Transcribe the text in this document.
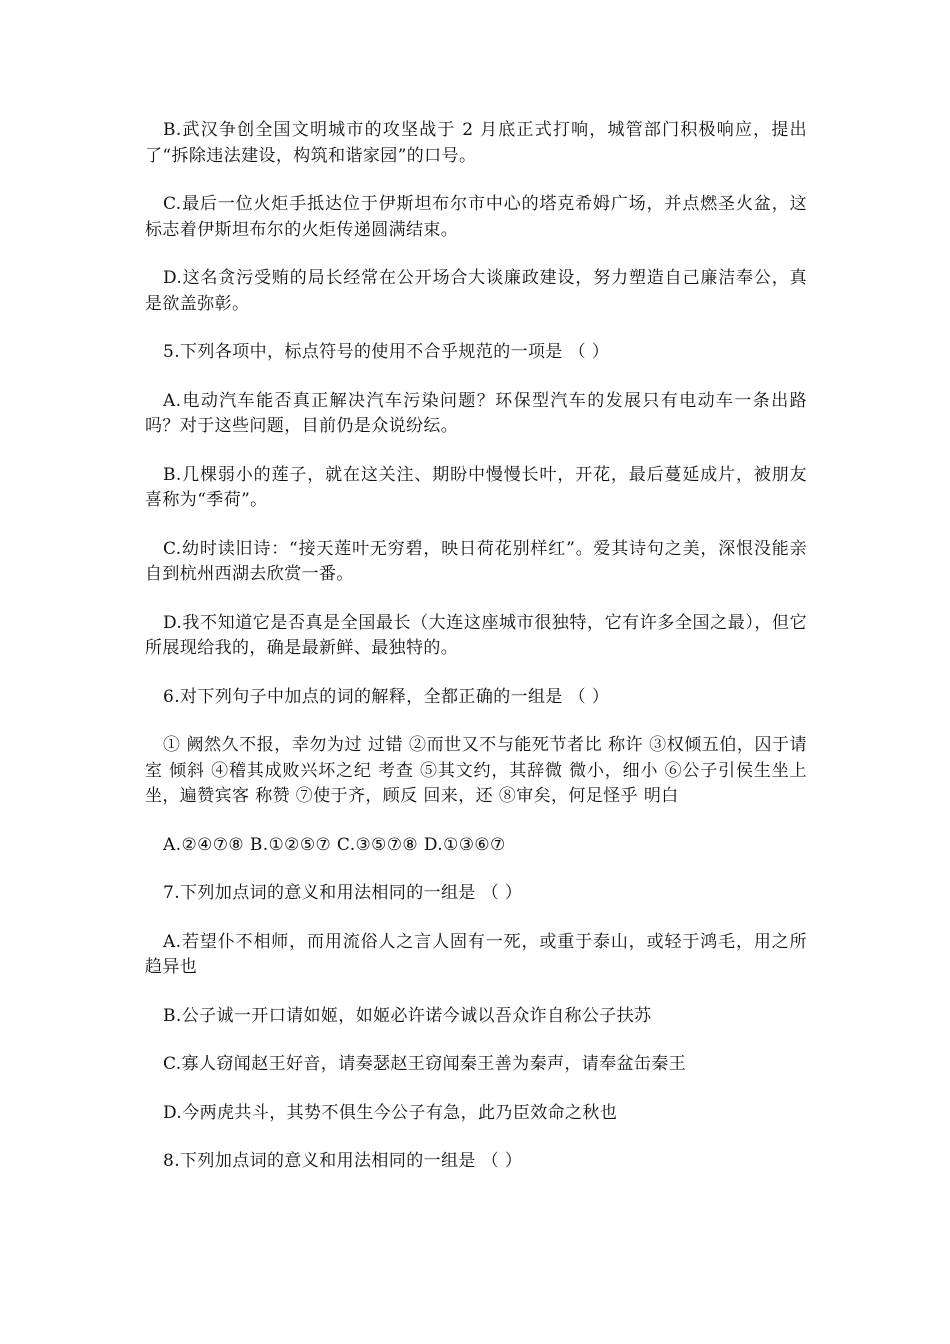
B.武汉争创全国文明城市的攻坚战于 2 月底正式打响，城管部门积极响应，提出了“拆除违法建设，构筑和谐家园”的口号。

C.最后一位火炬手抵达位于伊斯坦布尔市中心的塔克希姆广场，并点燃圣火盆，这标志着伊斯坦布尔的火炬传递圆满结束。

D.这名贪污受贿的局长经常在公开场合大谈廉政建设，努力塑造自己廉洁奉公，真是欲盖弥彰。

5.下列各项中，标点符号的使用不合乎规范的一项是 （ ）

A.电动汽车能否真正解决汽车污染问题？环保型汽车的发展只有电动车一条出路吗？对于这些问题，目前仍是众说纷纭。

B.几棵弱小的莲子，就在这关注、期盼中慢慢长叶，开花，最后蔓延成片，被朋友喜称为“季荷”。

C.幼时读旧诗：“接天莲叶无穷碧，映日荷花别样红”。爱其诗句之美，深恨没能亲自到杭州西湖去欣赏一番。

D.我不知道它是否真是全国最长（大连这座城市很独特，它有许多全国之最），但它所展现给我的，确是最新鲜、最独特的。

6.对下列句子中加点的词的解释，全都正确的一组是 （ ）

① 阙然久不报，幸勿为过 过错 ②而世又不与能死节者比 称许 ③权倾五伯，囚于请室 倾斜 ④稽其成败兴坏之纪 考查 ⑤其文约，其辞微 微小，细小 ⑥公子引侯生坐上坐，遍赞宾客 称赞 ⑦使于齐，顾反 回来，还 ⑧审矣，何足怪乎 明白

A.②④⑦⑧ B.①②⑤⑦ C.③⑤⑦⑧ D.①③⑥⑦

7.下列加点词的意义和用法相同的一组是 （ ）

A.若望仆不相师，而用流俗人之言人固有一死，或重于泰山，或轻于鸿毛，用之所趋异也

B.公子诚一开口请如姬，如姬必许诺今诚以吾众诈自称公子扶苏

C.寡人窃闻赵王好音，请奏瑟赵王窃闻秦王善为秦声，请奉盆缶秦王

D.今两虎共斗，其势不俱生今公子有急，此乃臣效命之秋也

8.下列加点词的意义和用法相同的一组是 （ ）
